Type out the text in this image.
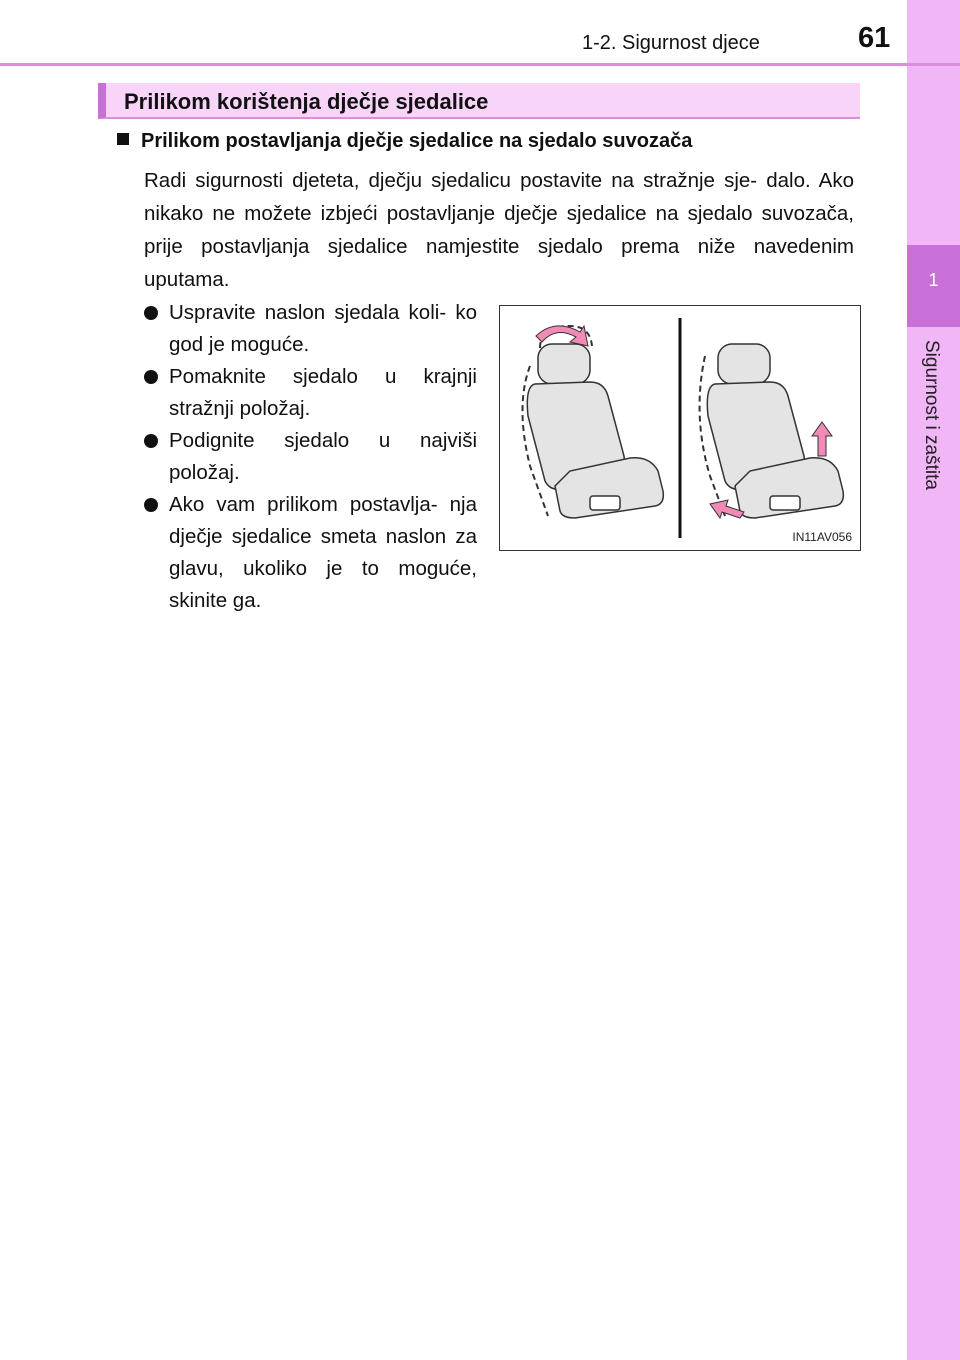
1
Sigurnost i zaštita
1-2. Sigurnost djece	61
Prilikom korištenja dječje sjedalice
Prilikom postavljanja dječje sjedalice na sjedalo suvozača
Radi sigurnosti djeteta, dječju sjedalicu postavite na stražnje sje- dalo. Ako nikako ne možete izbjeći postavljanje dječje sjedalice na sjedalo suvozača, prije postavljanja sjedalice namjestite sjedalo prema niže navedenim uputama.
Uspravite naslon sjedala koli- ko god je moguće.
Pomaknite sjedalo u krajnji stražnji položaj.
Podignite sjedalo u najviši položaj.
Ako vam prilikom postavlja- nja dječje sjedalice smeta naslon za glavu, ukoliko je to moguće, skinite ga.
IN11AV056
